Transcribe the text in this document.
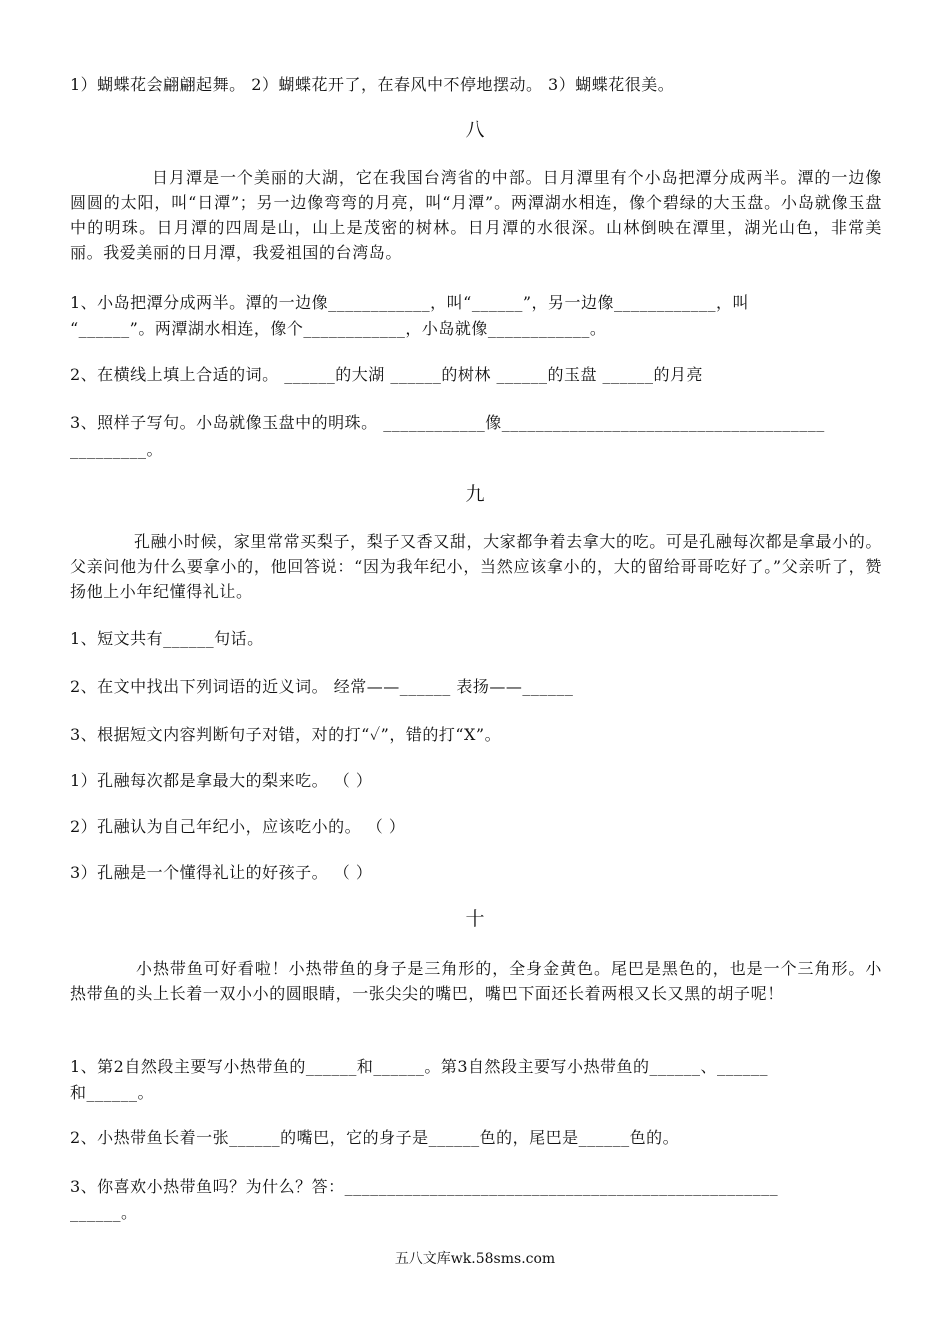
1）蝴蝶花会翩翩起舞。 2）蝴蝶花开了，在春风中不停地摆动。 3）蝴蝶花很美。
八
日月潭是一个美丽的大湖，它在我国台湾省的中部。日月潭里有个小岛把潭分成两半。潭的一边像圆圆的太阳，叫“日潭”；另一边像弯弯的月亮，叫“月潭”。两潭湖水相连，像个碧绿的大玉盘。小岛就像玉盘中的明珠。日月潭的四周是山，山上是茂密的树林。日月潭的水很深。山林倒映在潭里，湖光山色，非常美丽。我爱美丽的日月潭，我爱祖国的台湾岛。
1、小岛把潭分成两半。潭的一边像____________，叫“______”，另一边像____________，叫
“______”。两潭湖水相连，像个____________，小岛就像____________。
2、在横线上填上合适的词。 ______的大湖 ______的树林 ______的玉盘 ______的月亮
3、照样子写句。小岛就像玉盘中的明珠。 ____________像______________________________________
_________。
九
孔融小时候，家里常常买梨子，梨子又香又甜，大家都争着去拿大的吃。可是孔融每次都是拿最小的。父亲问他为什么要拿小的，他回答说：“因为我年纪小，当然应该拿小的，大的留给哥哥吃好了。”父亲听了，赞扬他上小年纪懂得礼让。
1、短文共有______句话。
2、在文中找出下列词语的近义词。 经常——______ 表扬——______
3、根据短文内容判断句子对错，对的打“✓”，错的打“X”。
1）孔融每次都是拿最大的梨来吃。 （ ）
2）孔融认为自己年纪小，应该吃小的。 （ ）
3）孔融是一个懂得礼让的好孩子。 （ ）
十
小热带鱼可好看啦！小热带鱼的身子是三角形的，全身金黄色。尾巴是黑色的，也是一个三角形。小热带鱼的头上长着一双小小的圆眼睛，一张尖尖的嘴巴，嘴巴下面还长着两根又长又黑的胡子呢！
1、第2自然段主要写小热带鱼的______和______。第3自然段主要写小热带鱼的______、______
和______。
2、小热带鱼长着一张______的嘴巴，它的身子是______色的，尾巴是______色的。
3、你喜欢小热带鱼吗？为什么？答：___________________________________________________
______。
五八文库wk.58sms.com
